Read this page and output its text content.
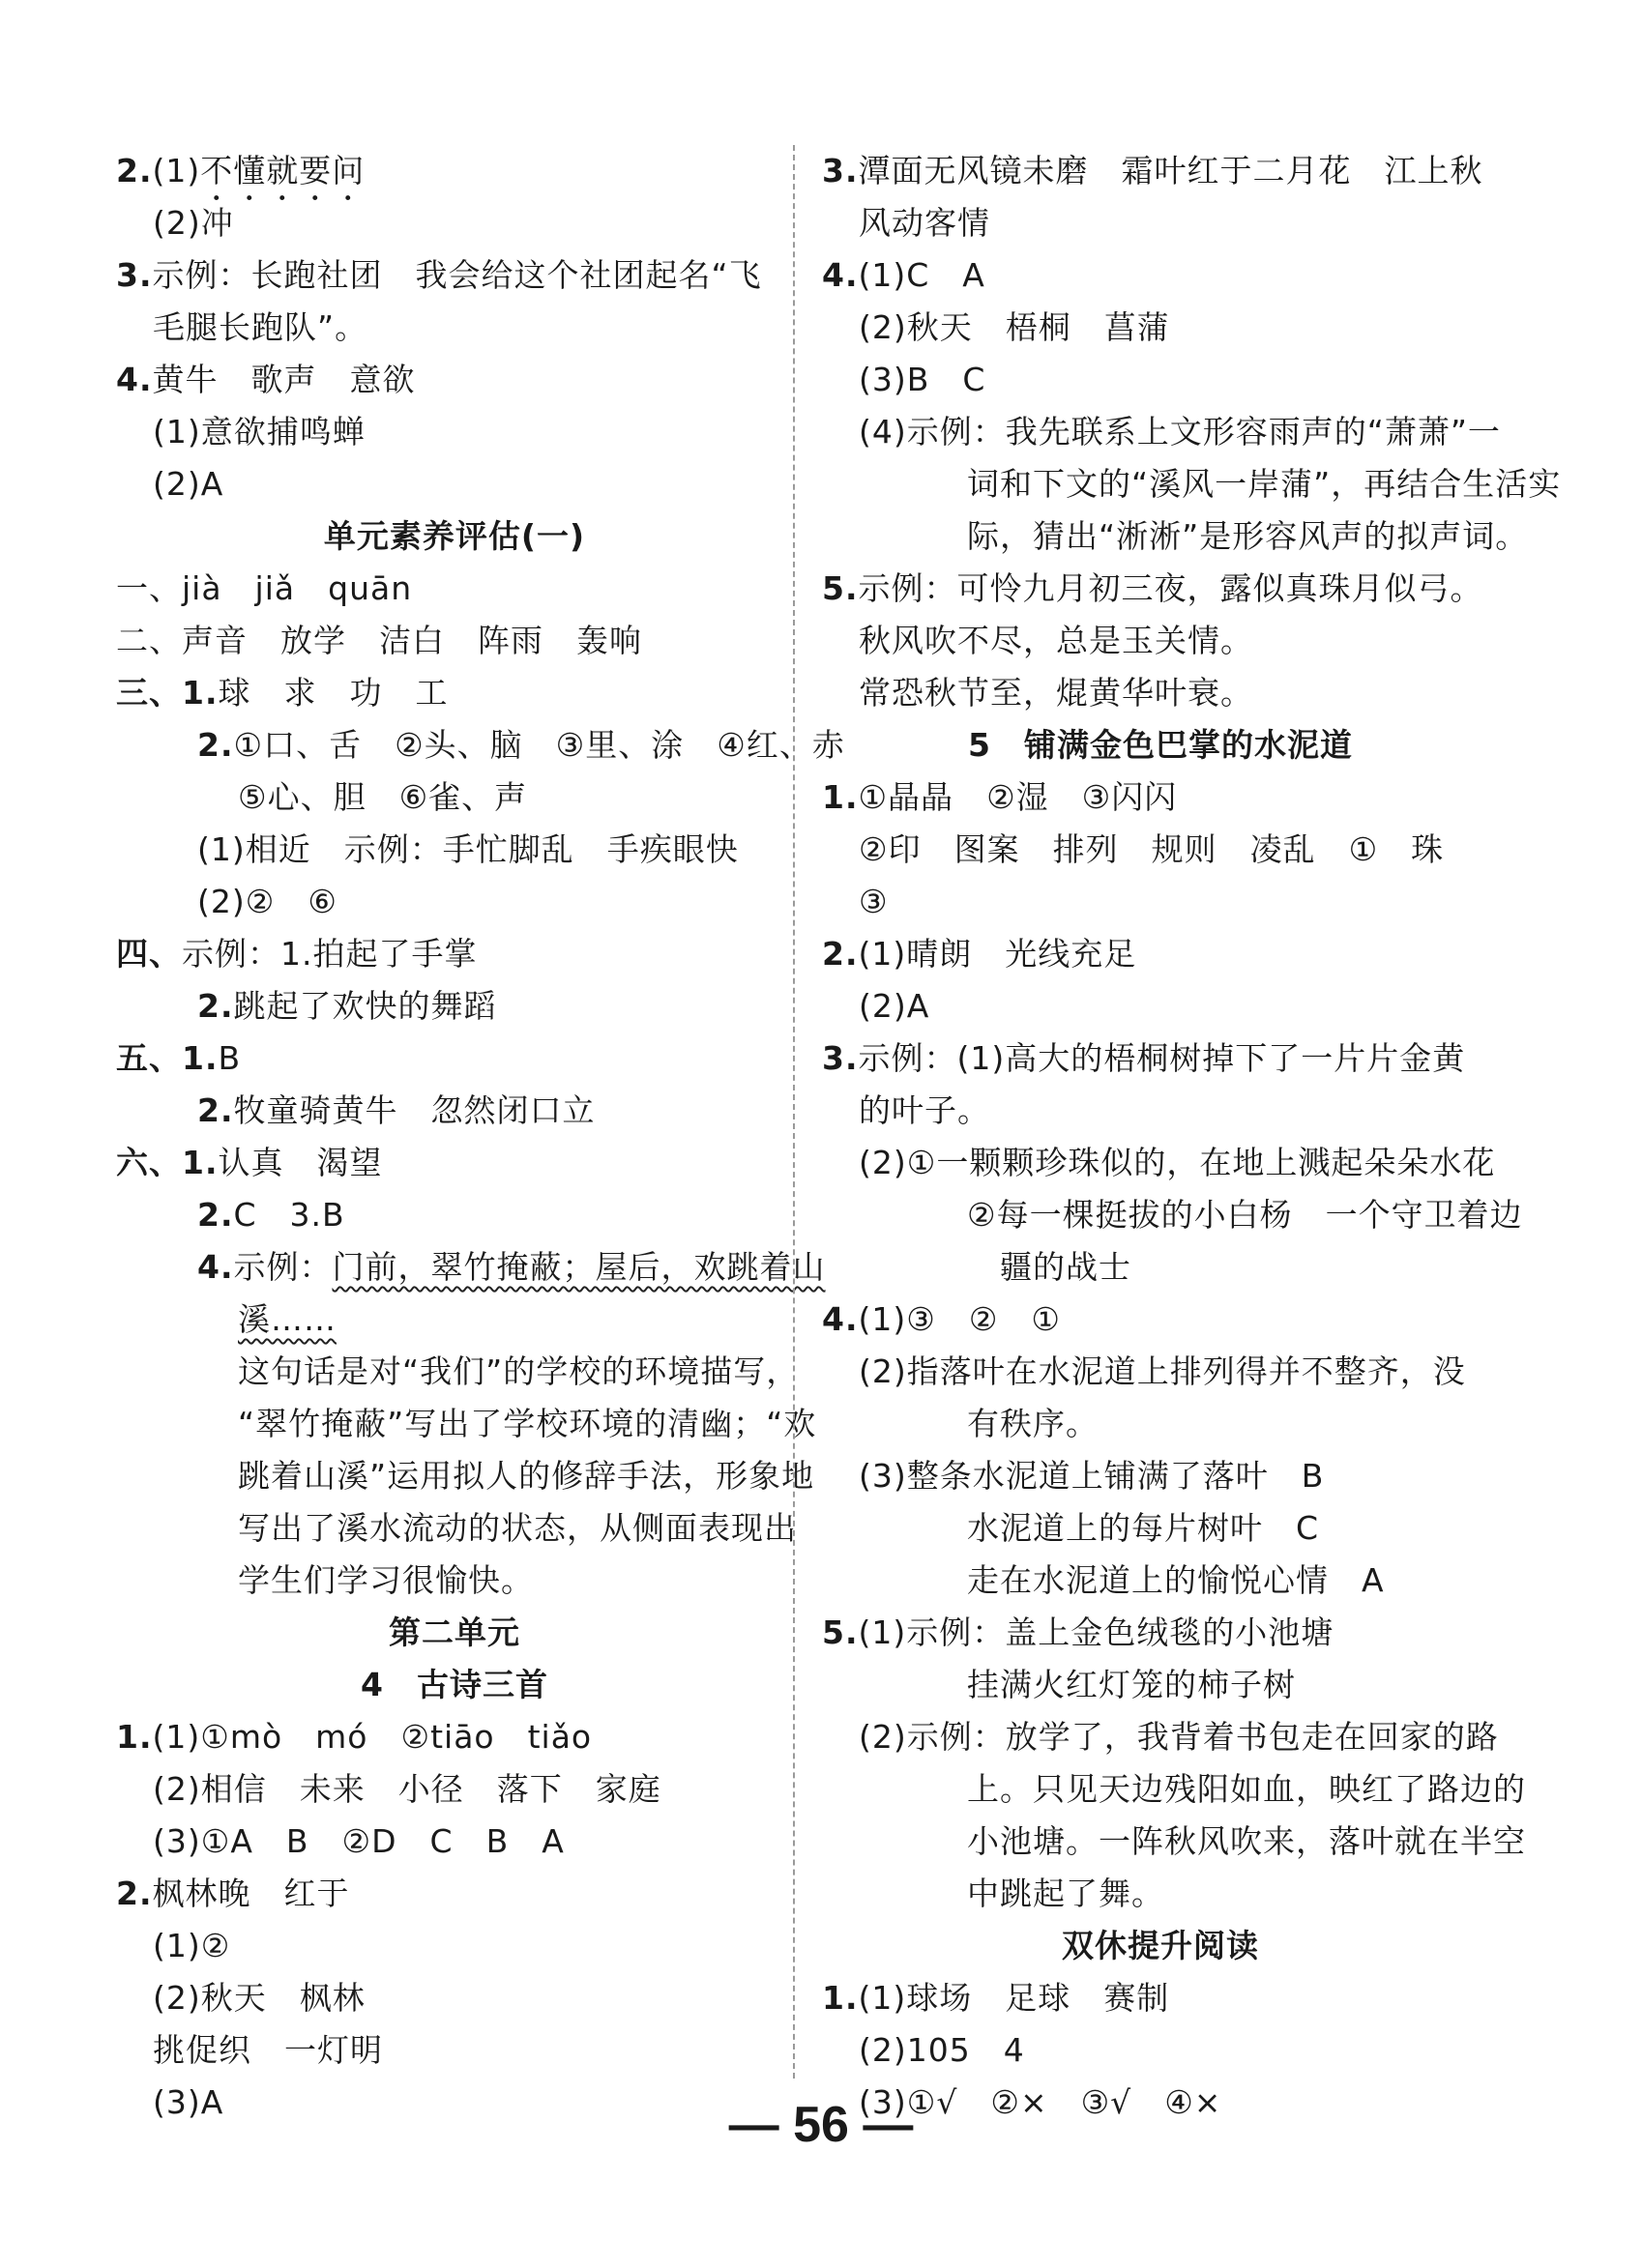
2.(1)不懂就要问
(2)冲
3.示例：长跑社团　我会给这个社团起名“飞
毛腿长跑队”。
4.黄牛　歌声　意欲
(1)意欲捕鸣蝉
(2)A
单元素养评估(一)
一、jià　jiǎ　quān
二、声音　放学　洁白　阵雨　轰响
三、1.球　求　功　工
2.①口、舌　②头、脑　③里、涂　④红、赤
⑤心、胆　⑥雀、声
(1)相近　示例：手忙脚乱　手疾眼快
(2)②　⑥
四、示例：1.拍起了手掌
2.跳起了欢快的舞蹈
五、1.B
2.牧童骑黄牛　忽然闭口立
六、1.认真　渴望
2.C　3.B
4.示例：门前，翠竹掩蔽；屋后，欢跳着山
溪……
这句话是对“我们”的学校的环境描写，
“翠竹掩蔽”写出了学校环境的清幽；“欢
跳着山溪”运用拟人的修辞手法，形象地
写出了溪水流动的状态，从侧面表现出
学生们学习很愉快。
第二单元
4　古诗三首
1.(1)①mò　mó　②tiāo　tiǎo
(2)相信　未来　小径　落下　家庭
(3)①A　B　②D　C　B　A
2.枫林晚　红于
(1)②
(2)秋天　枫林
挑促织　一灯明
(3)A
3.潭面无风镜未磨　霜叶红于二月花　江上秋
风动客情
4.(1)C　A
(2)秋天　梧桐　菖蒲
(3)B　C
(4)示例：我先联系上文形容雨声的“萧萧”一
词和下文的“溪风一岸蒲”，再结合生活实
际，猜出“淅淅”是形容风声的拟声词。
5.示例：可怜九月初三夜，露似真珠月似弓。
秋风吹不尽，总是玉关情。
常恐秋节至，焜黄华叶衰。
5　铺满金色巴掌的水泥道
1.①晶晶　②湿　③闪闪
②印　图案　排列　规则　凌乱　①　珠
③
2.(1)晴朗　光线充足
(2)A
3.示例：(1)高大的梧桐树掉下了一片片金黄
的叶子。
(2)①一颗颗珍珠似的，在地上溅起朵朵水花
②每一棵挺拔的小白杨　一个守卫着边
　疆的战士
4.(1)③　②　①
(2)指落叶在水泥道上排列得并不整齐，没
有秩序。
(3)整条水泥道上铺满了落叶　B
水泥道上的每片树叶　C
走在水泥道上的愉悦心情　A
5.(1)示例：盖上金色绒毯的小池塘
挂满火红灯笼的柿子树
(2)示例：放学了，我背着书包走在回家的路
上。只见天边残阳如血，映红了路边的
小池塘。一阵秋风吹来，落叶就在半空
中跳起了舞。
双休提升阅读
1.(1)球场　足球　赛制
(2)105　4
(3)①√　②×　③√　④×
— 56 —
